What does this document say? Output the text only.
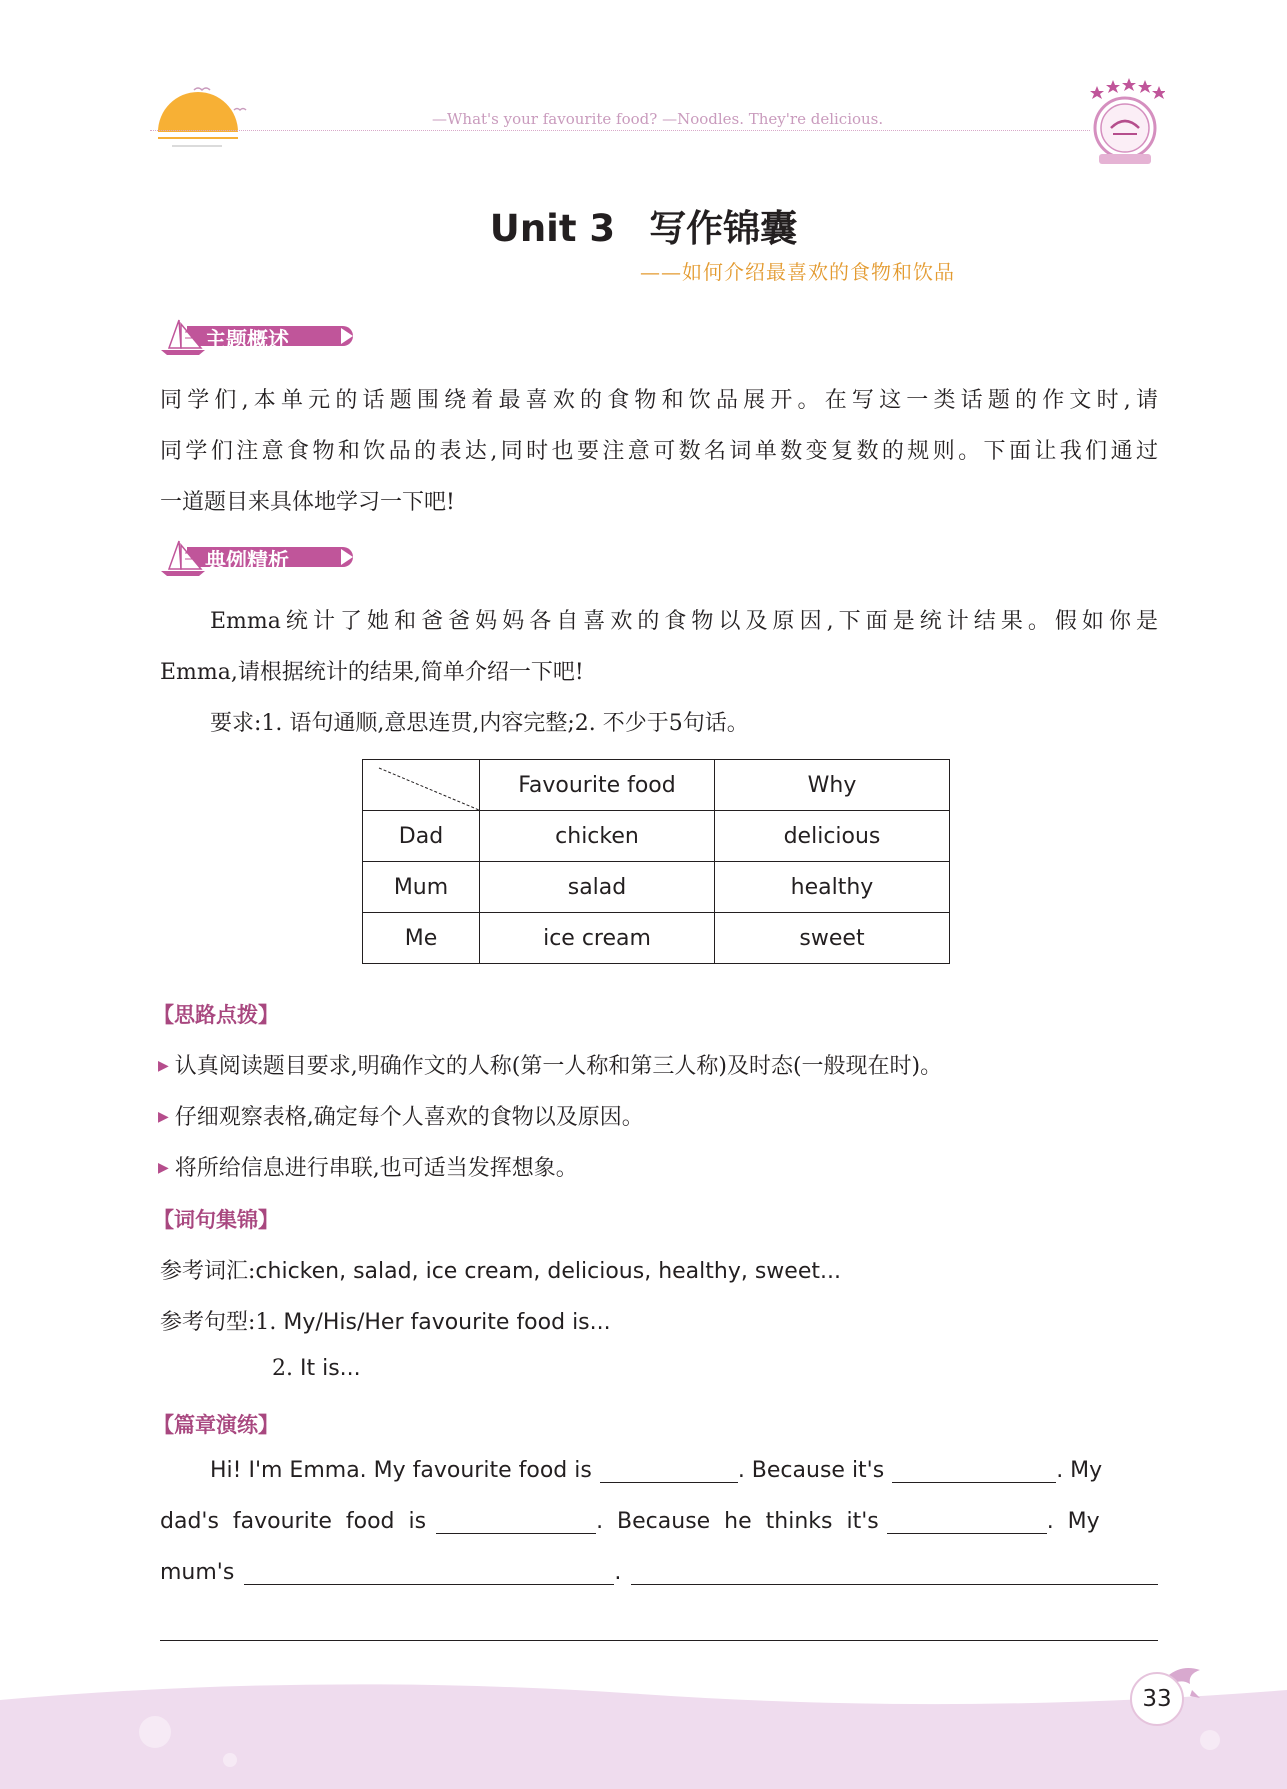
—What's your favourite food? —Noodles. They're delicious.
Unit 3 写作锦囊
——如何介绍最喜欢的食物和饮品
主题概述
同学们,本单元的话题围绕着最喜欢的食物和饮品展开。在写这一类话题的作文时,请
同学们注意食物和饮品的表达,同时也要注意可数名词单数变复数的规则。下面让我们通过
一道题目来具体地学习一下吧!
典例精析
Emma统计了她和爸爸妈妈各自喜欢的食物以及原因,下面是统计结果。假如你是
Emma,请根据统计的结果,简单介绍一下吧!
要求:1. 语句通顺,意思连贯,内容完整;2. 不少于5句话。
	Favourite food	Why
Dad	chicken	delicious
Mum	salad	healthy
Me	ice cream	sweet
【思路点拨】
▶ 认真阅读题目要求,明确作文的人称(第一人称和第三人称)及时态(一般现在时)。
▶ 仔细观察表格,确定每个人喜欢的食物以及原因。
▶ 将所给信息进行串联,也可适当发挥想象。
【词句集锦】
参考词汇:chicken, salad, ice cream, delicious, healthy, sweet...
参考句型:1. My/His/Her favourite food is...
2. It is...
【篇章演练】
Hi! I'm Emma. My favourite food is	. Because it's	. My
dad's  favourite  food  is	.  Because  he  thinks  it's	.  My
mum's	.
33
